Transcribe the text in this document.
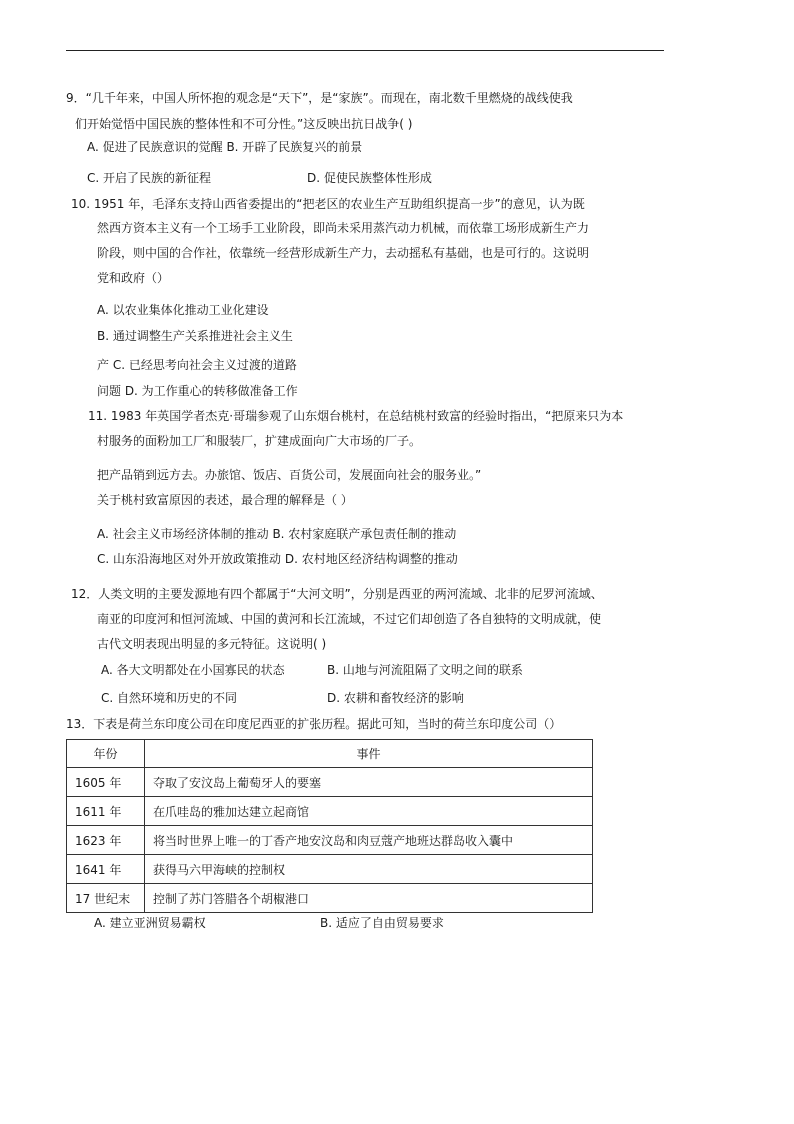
9．“几千年来，中国人所怀抱的观念是“天下”，是“家族”。而现在，南北数千里燃烧的战线使我
们开始觉悟中国民族的整体性和不可分性。”这反映出抗日战争( )
A. 促进了民族意识的觉醒 B. 开辟了民族复兴的前景
C. 开启了民族的新征程	D. 促使民族整体性形成
10. 1951 年，毛泽东支持山西省委提出的“把老区的农业生产互助组织提高一步”的意见，认为既
然西方资本主义有一个工场手工业阶段，即尚未采用蒸汽动力机械，而依靠工场形成新生产力
阶段，则中国的合作社，依靠统一经营形成新生产力，去动摇私有基础，也是可行的。这说明
党和政府（）
A. 以农业集体化推动工业化建设
B. 通过调整生产关系推进社会主义生
产 C. 已经思考向社会主义过渡的道路
问题 D. 为工作重心的转移做准备工作
11. 1983 年英国学者杰克·哥瑞参观了山东烟台桃村，在总结桃村致富的经验时指出，“把原来只为本
村服务的面粉加工厂和服装厂，扩建成面向广大市场的厂子。
把产品销到远方去。办旅馆、饭店、百货公司，发展面向社会的服务业。”
关于桃村致富原因的表述，最合理的解释是（ ）
A. 社会主义市场经济体制的推动 B. 农村家庭联产承包责任制的推动
C. 山东沿海地区对外开放政策推动 D. 农村地区经济结构调整的推动
12．人类文明的主要发源地有四个都属于“大河文明”，分别是西亚的两河流域、北非的尼罗河流域、
南亚的印度河和恒河流域、中国的黄河和长江流域，不过它们却创造了各自独特的文明成就，使
古代文明表现出明显的多元特征。这说明( )
A. 各大文明都处在小国寡民的状态	B. 山地与河流阻隔了文明之间的联系
C. 自然环境和历史的不同	D. 农耕和畜牧经济的影响
13．下表是荷兰东印度公司在印度尼西亚的扩张历程。据此可知，当时的荷兰东印度公司（）
年份	事件
1605 年	夺取了安汶岛上葡萄牙人的要塞
1611 年	在爪哇岛的雅加达建立起商馆
1623 年	将当时世界上唯一的丁香产地安汶岛和肉豆蔻产地班达群岛收入囊中
1641 年	获得马六甲海峡的控制权
17 世纪末	控制了苏门答腊各个胡椒港口
A. 建立亚洲贸易霸权	B. 适应了自由贸易要求
